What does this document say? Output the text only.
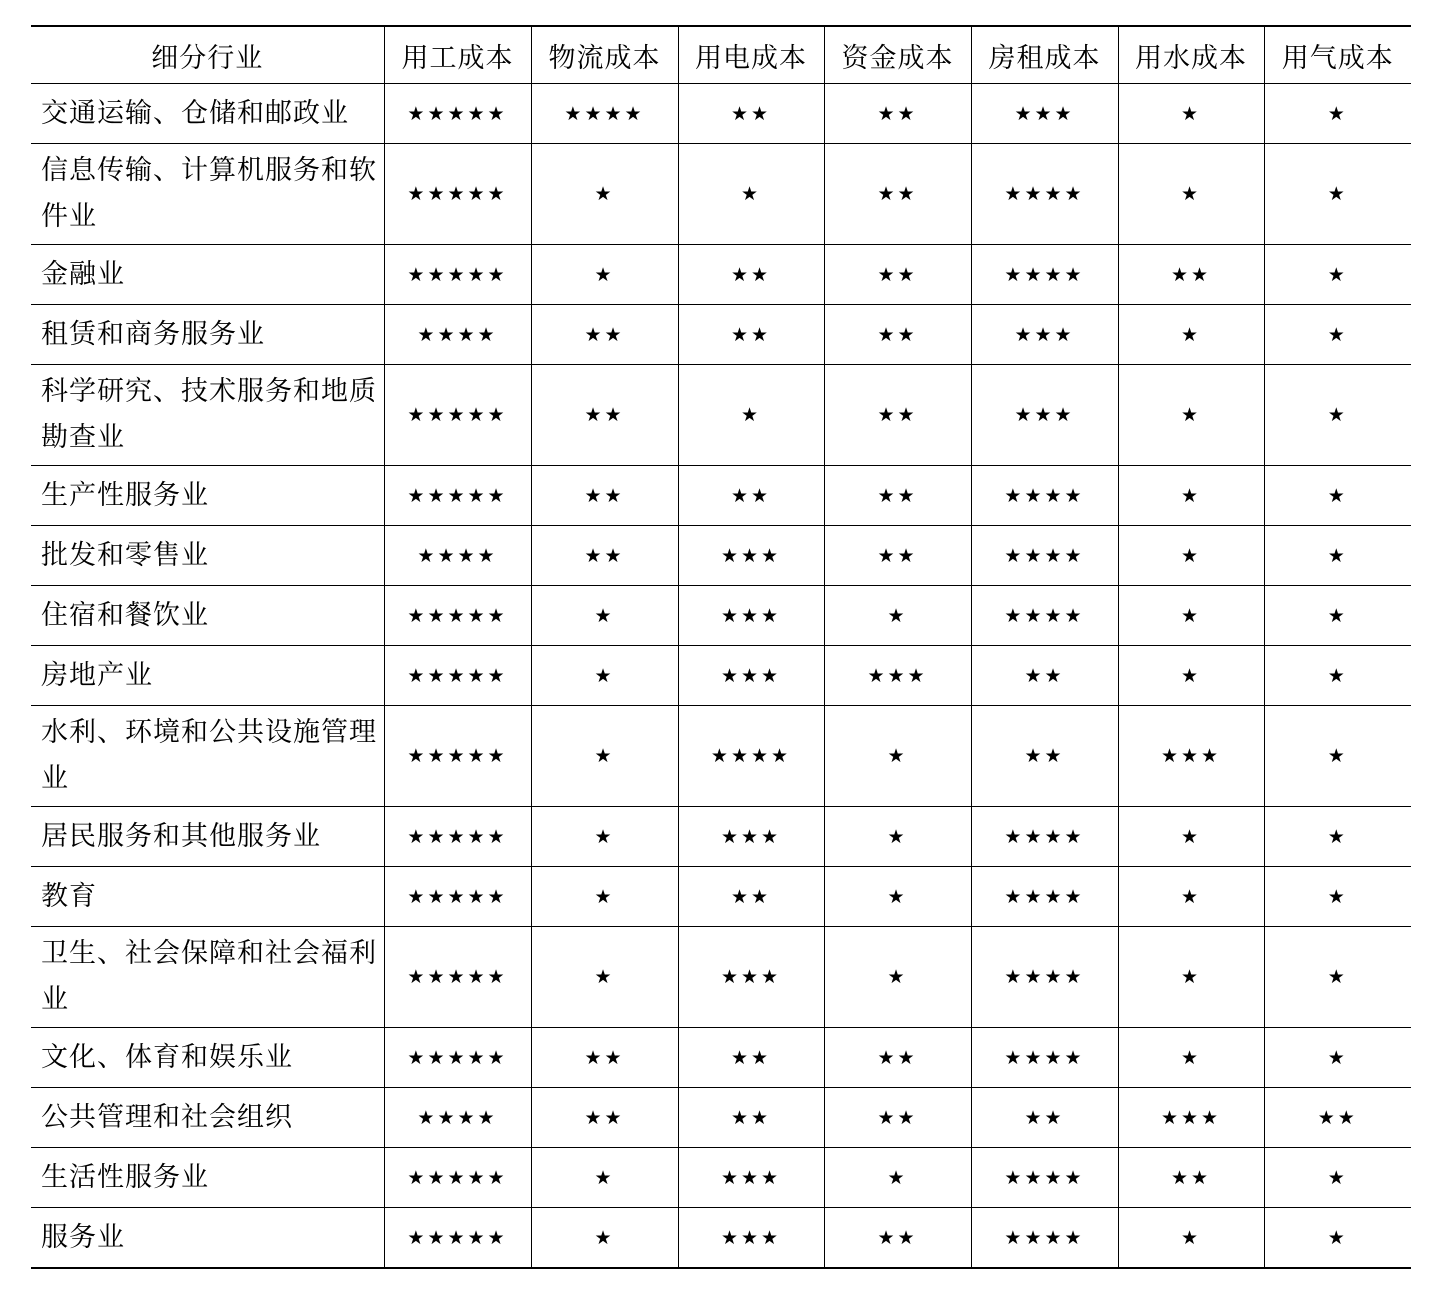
细分行业	用工成本	物流成本	用电成本	资金成本	房租成本	用水成本	用气成本
交通运输、仓储和邮政业	★★★★★	★★★★	★★	★★	★★★	★	★
信息传输、计算机服务和软件业	★★★★★	★	★	★★	★★★★	★	★
金融业	★★★★★	★	★★	★★	★★★★	★★	★
租赁和商务服务业	★★★★	★★	★★	★★	★★★	★	★
科学研究、技术服务和地质勘查业	★★★★★	★★	★	★★	★★★	★	★
生产性服务业	★★★★★	★★	★★	★★	★★★★	★	★
批发和零售业	★★★★	★★	★★★	★★	★★★★	★	★
住宿和餐饮业	★★★★★	★	★★★	★	★★★★	★	★
房地产业	★★★★★	★	★★★	★★★	★★	★	★
水利、环境和公共设施管理业	★★★★★	★	★★★★	★	★★	★★★	★
居民服务和其他服务业	★★★★★	★	★★★	★	★★★★	★	★
教育	★★★★★	★	★★	★	★★★★	★	★
卫生、社会保障和社会福利业	★★★★★	★	★★★	★	★★★★	★	★
文化、体育和娱乐业	★★★★★	★★	★★	★★	★★★★	★	★
公共管理和社会组织	★★★★	★★	★★	★★	★★	★★★	★★
生活性服务业	★★★★★	★	★★★	★	★★★★	★★	★
服务业	★★★★★	★	★★★	★★	★★★★	★	★
